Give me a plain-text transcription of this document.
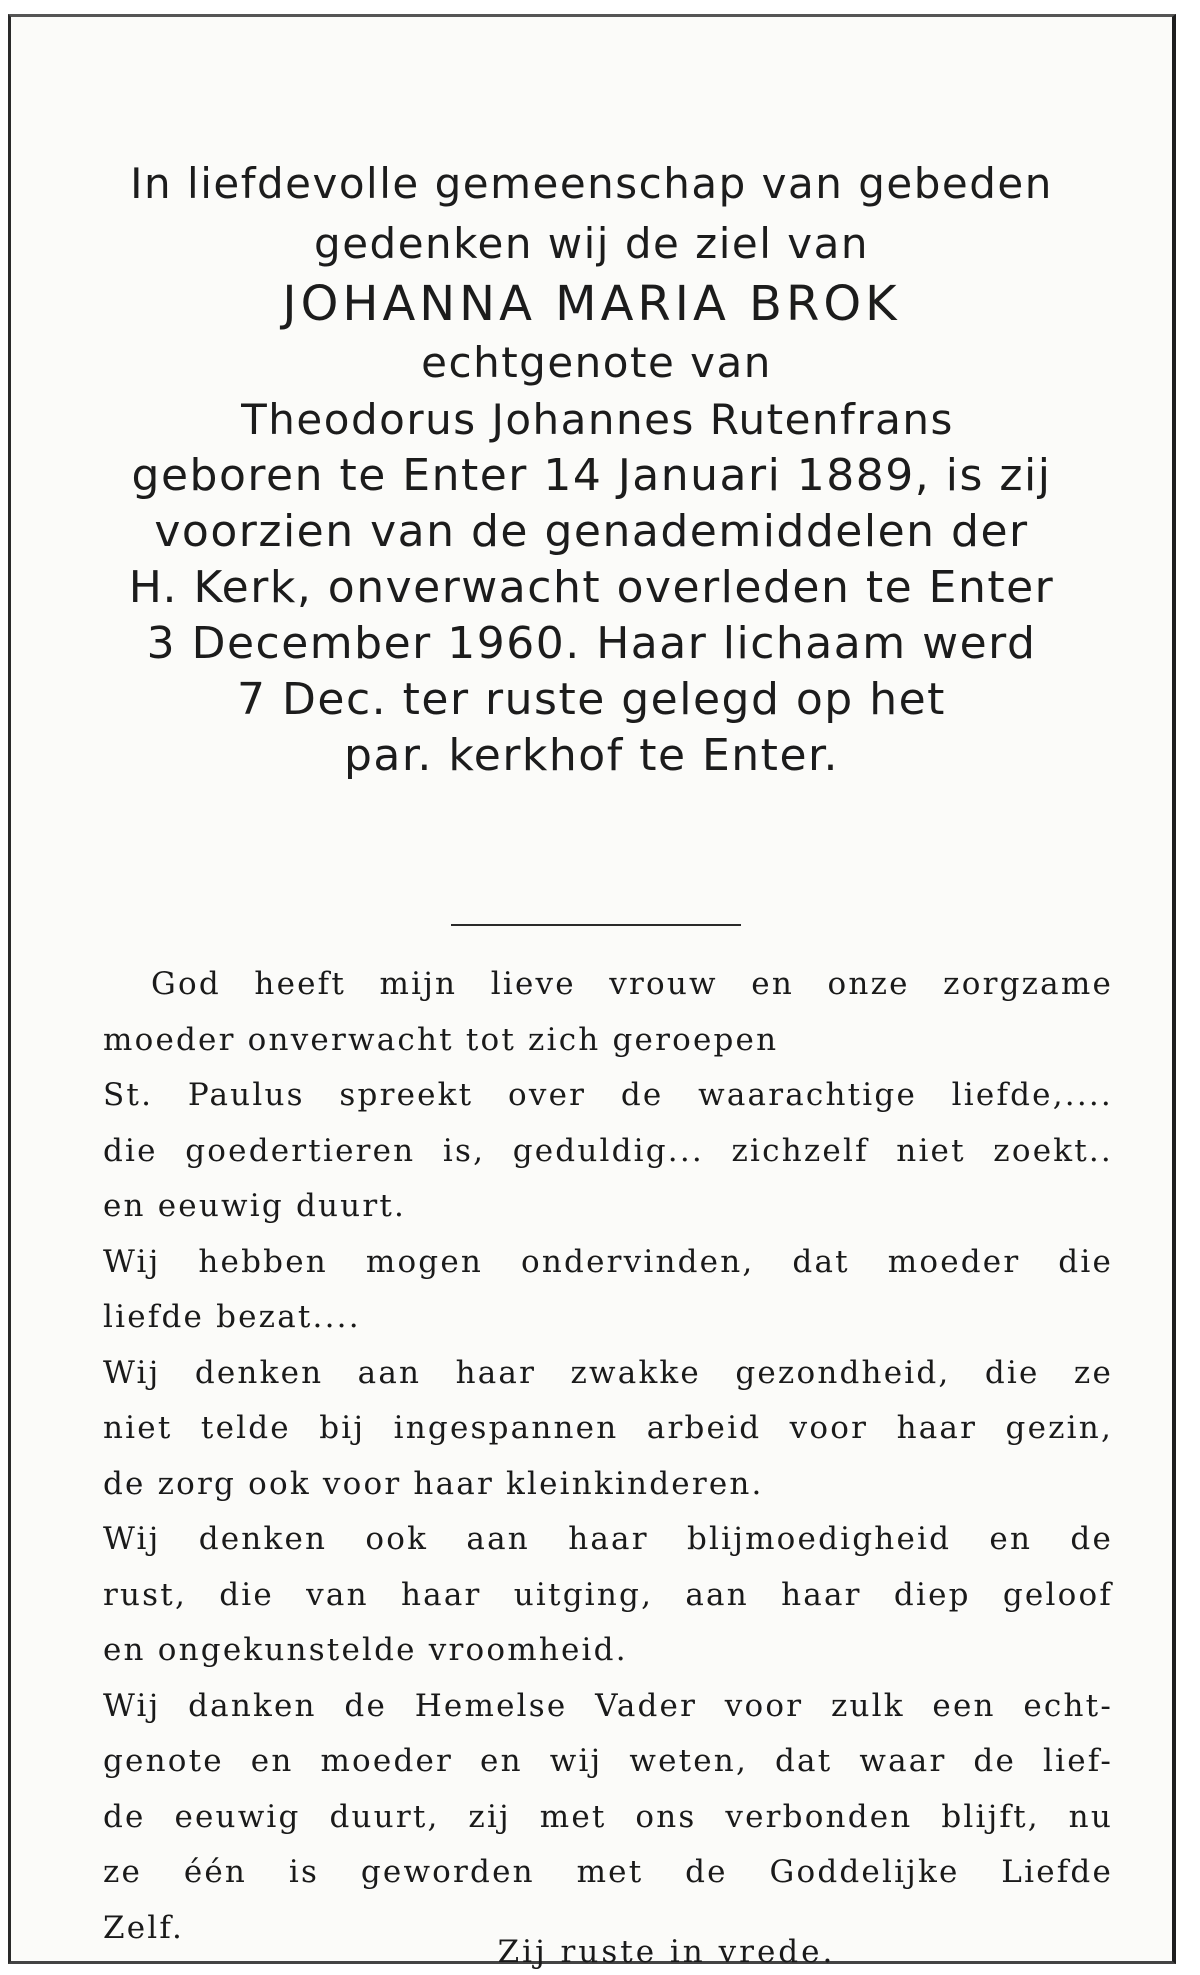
In liefdevolle gemeenschap van gebeden
gedenken wij de ziel van
JOHANNA MARIA BROK
echtgenote van
Theodorus Johannes Rutenfrans
geboren te Enter 14 Januari 1889, is zij
voorzien van de genademiddelen der
H. Kerk, onverwacht overleden te Enter
3 December 1960. Haar lichaam werd
7 Dec. ter ruste gelegd op het
par. kerkhof te Enter.

God heeft mijn lieve vrouw en onze zorgzame

moeder onverwacht tot zich geroepen

St. Paulus spreekt over de waarachtige liefde,....

die goedertieren is, geduldig... zichzelf niet zoekt..

en eeuwig duurt.

Wij hebben mogen ondervinden, dat moeder die

liefde bezat....

Wij denken aan haar zwakke gezondheid, die ze

niet telde bij ingespannen arbeid voor haar gezin,

de zorg ook voor haar kleinkinderen.

Wij denken ook aan haar blijmoedigheid en de

rust, die van haar uitging, aan haar diep geloof

en ongekunstelde vroomheid.

Wij danken de Hemelse Vader voor zulk een echt-

genote en moeder en wij weten, dat waar de lief-

de eeuwig duurt, zij met ons verbonden blijft, nu

ze één is geworden met de Goddelijke Liefde

Zelf.

Zij ruste in vrede.
